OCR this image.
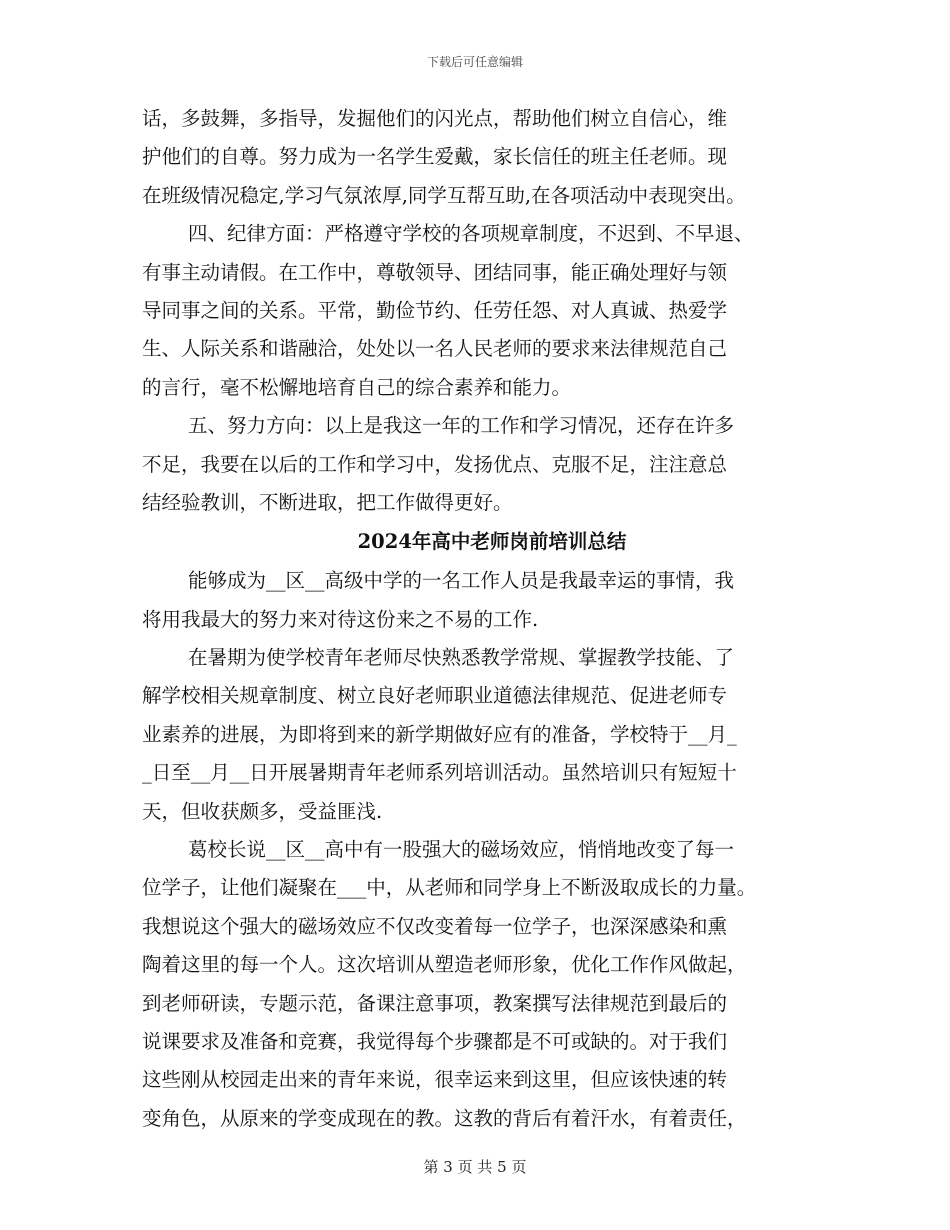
下载后可任意编辑
话，多鼓舞，多指导，发掘他们的闪光点，帮助他们树立自信心，维
护他们的自尊。努力成为一名学生爱戴，家长信任的班主任老师。现
在班级情况稳定,学习气氛浓厚,同学互帮互助,在各项活动中表现突出。
四、纪律方面：严格遵守学校的各项规章制度，不迟到、不早退、
有事主动请假。在工作中，尊敬领导、团结同事，能正确处理好与领
导同事之间的关系。平常，勤俭节约、任劳任怨、对人真诚、热爱学
生、人际关系和谐融洽，处处以一名人民老师的要求来法律规范自己
的言行，毫不松懈地培育自己的综合素养和能力。
五、努力方向：以上是我这一年的工作和学习情况，还存在许多
不足，我要在以后的工作和学习中，发扬优点、克服不足，注注意总
结经验教训，不断进取，把工作做得更好。
2024年高中老师岗前培训总结
能够成为__区__高级中学的一名工作人员是我最幸运的事情，我
将用我最大的努力来对待这份来之不易的工作.
在暑期为使学校青年老师尽快熟悉教学常规、掌握教学技能、了
解学校相关规章制度、树立良好老师职业道德法律规范、促进老师专
业素养的进展，为即将到来的新学期做好应有的准备，学校特于__月_
_日至__月__日开展暑期青年老师系列培训活动。虽然培训只有短短十
天，但收获颇多，受益匪浅.
葛校长说__区__高中有一股强大的磁场效应，悄悄地改变了每一
位学子，让他们凝聚在___中，从老师和同学身上不断汲取成长的力量。
我想说这个强大的磁场效应不仅改变着每一位学子，也深深感染和熏
陶着这里的每一个人。这次培训从塑造老师形象，优化工作作风做起，
到老师研读，专题示范，备课注意事项，教案撰写法律规范到最后的
说课要求及准备和竞赛，我觉得每个步骤都是不可或缺的。对于我们
这些刚从校园走出来的青年来说，很幸运来到这里，但应该快速的转
变角色，从原来的学变成现在的教。这教的背后有着汗水，有着责任，
第 3 页 共 5 页
